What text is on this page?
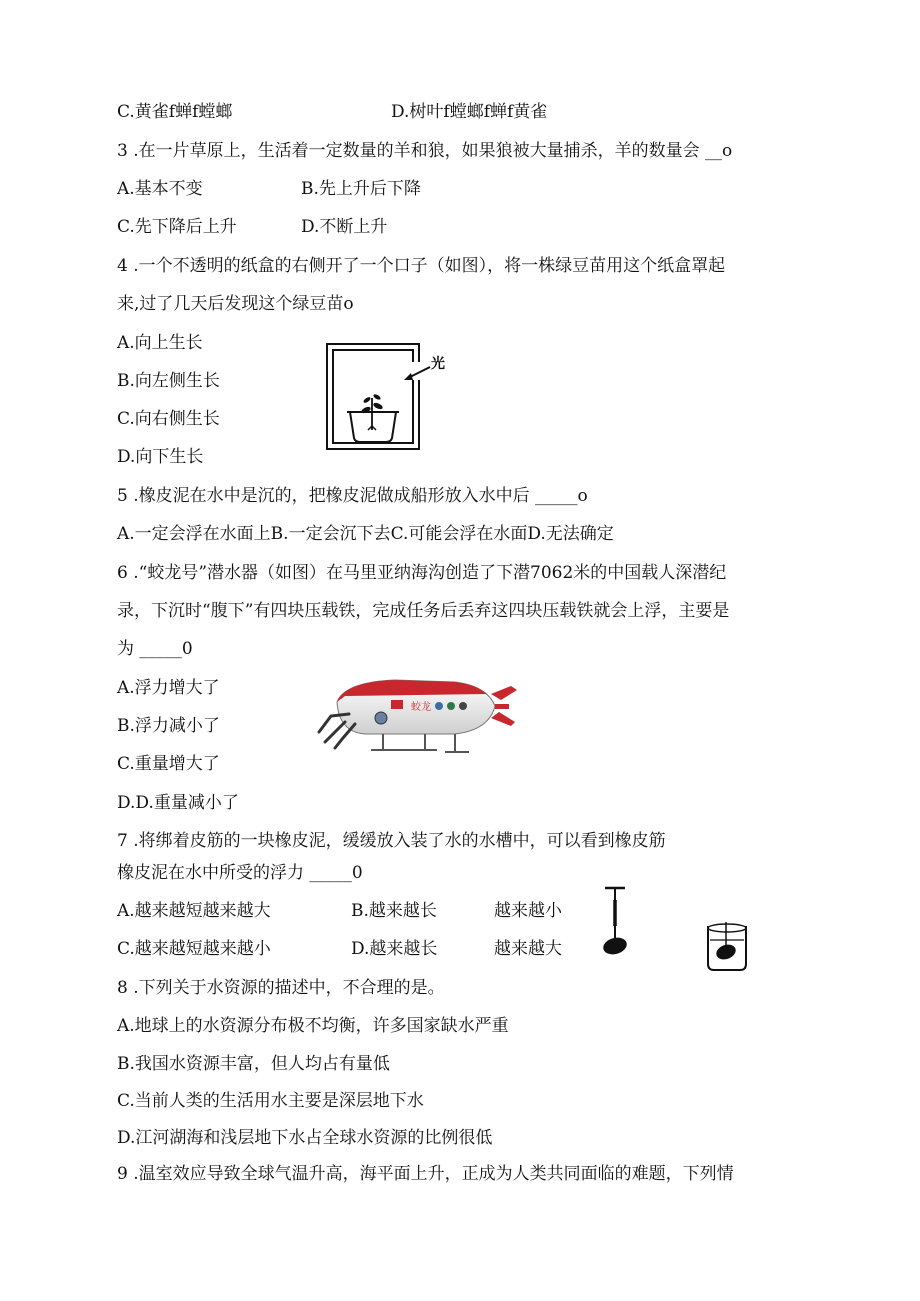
C.黄雀f蝉f螳螂	D.树叶f螳螂f蝉f黄雀
3 .在一片草原上，生活着一定数量的羊和狼，如果狼被大量捕杀，羊的数量会 __o
A.基本不变	B.先上升后下降
C.先下降后上升	D.不断上升
4 .一个不透明的纸盒的右侧开了一个口子（如图），将一株绿豆苗用这个纸盒罩起
来,过了几天后发现这个绿豆苗o
A.向上生长
B.向左侧生长
C.向右侧生长
D.向下生长
光
5 .橡皮泥在水中是沉的，把橡皮泥做成船形放入水中后 _____o
A.一定会浮在水面上B.一定会沉下去C.可能会浮在水面D.无法确定
6 .“蛟龙号”潜水器（如图）在马里亚纳海沟创造了下潜7062米的中国载人深潜纪
录，下沉时“腹下”有四块压载铁，完成任务后丢弃这四块压载铁就会上浮，主要是
为 _____0
A.浮力增大了
B.浮力减小了
C.重量增大了
D.D.重量减小了
蛟龙
7 .将绑着皮筋的一块橡皮泥，缓缓放入装了水的水槽中，可以看到橡皮筋
橡皮泥在水中所受的浮力 _____0
A.越来越短越来越大	B.越来越长	越来越小
C.越来越短越来越小	D.越来越长	越来越大
8 .下列关于水资源的描述中，不合理的是。
A.地球上的水资源分布极不均衡，许多国家缺水严重
B.我国水资源丰富，但人均占有量低
C.当前人类的生活用水主要是深层地下水
D.江河湖海和浅层地下水占全球水资源的比例很低
9 .温室效应导致全球气温升高，海平面上升，正成为人类共同面临的难题，下列情
